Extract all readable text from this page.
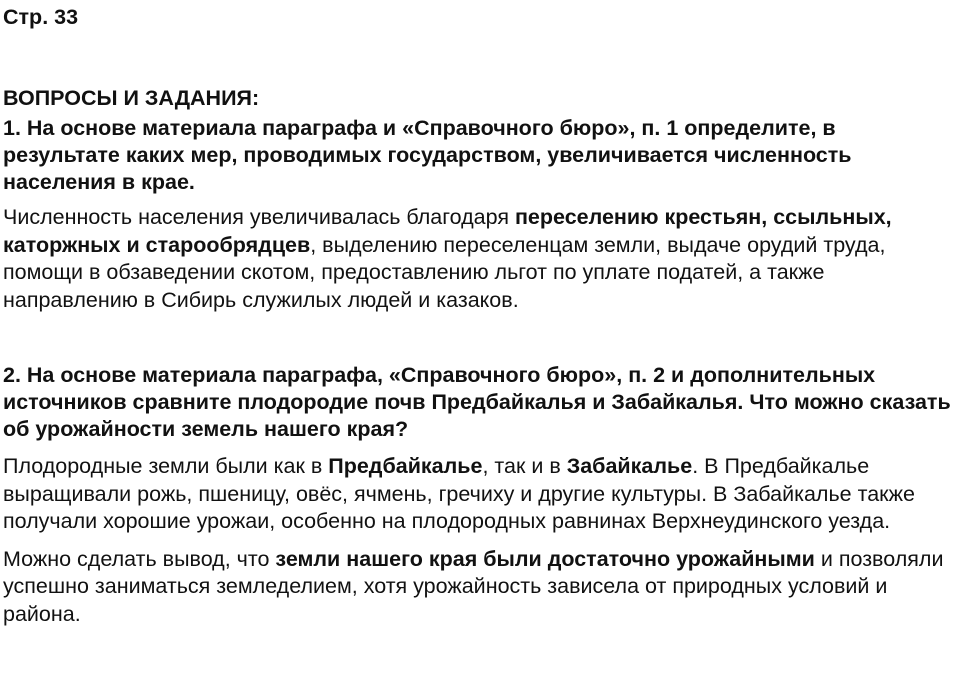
Стр. 33

ВОПРОСЫ И ЗАДАНИЯ:

1. На основе материала параграфа и «Справочного бюро», п. 1 определите, в результате каких мер, проводимых государством, увеличивается численность населения в крае.

Численность населения увеличивалась благодаря переселению крестьян, ссыльных, каторжных и старообрядцев, выделению переселенцам земли, выдаче орудий труда, помощи в обзаведении скотом, предоставлению льгот по уплате податей, а также направлению в Сибирь служилых людей и казаков.

2. На основе материала параграфа, «Справочного бюро», п. 2 и дополнительных источников сравните плодородие почв Предбайкалья и Забайкалья. Что можно сказать об урожайности земель нашего края?

Плодородные земли были как в Предбайкалье, так и в Забайкалье. В Предбайкалье выращивали рожь, пшеницу, овёс, ячмень, гречиху и другие культуры. В Забайкалье также получали хорошие урожаи, особенно на плодородных равнинах Верхнеудинского уезда.

Можно сделать вывод, что земли нашего края были достаточно урожайными и позволяли успешно заниматься земледелием, хотя урожайность зависела от природных условий и района.
